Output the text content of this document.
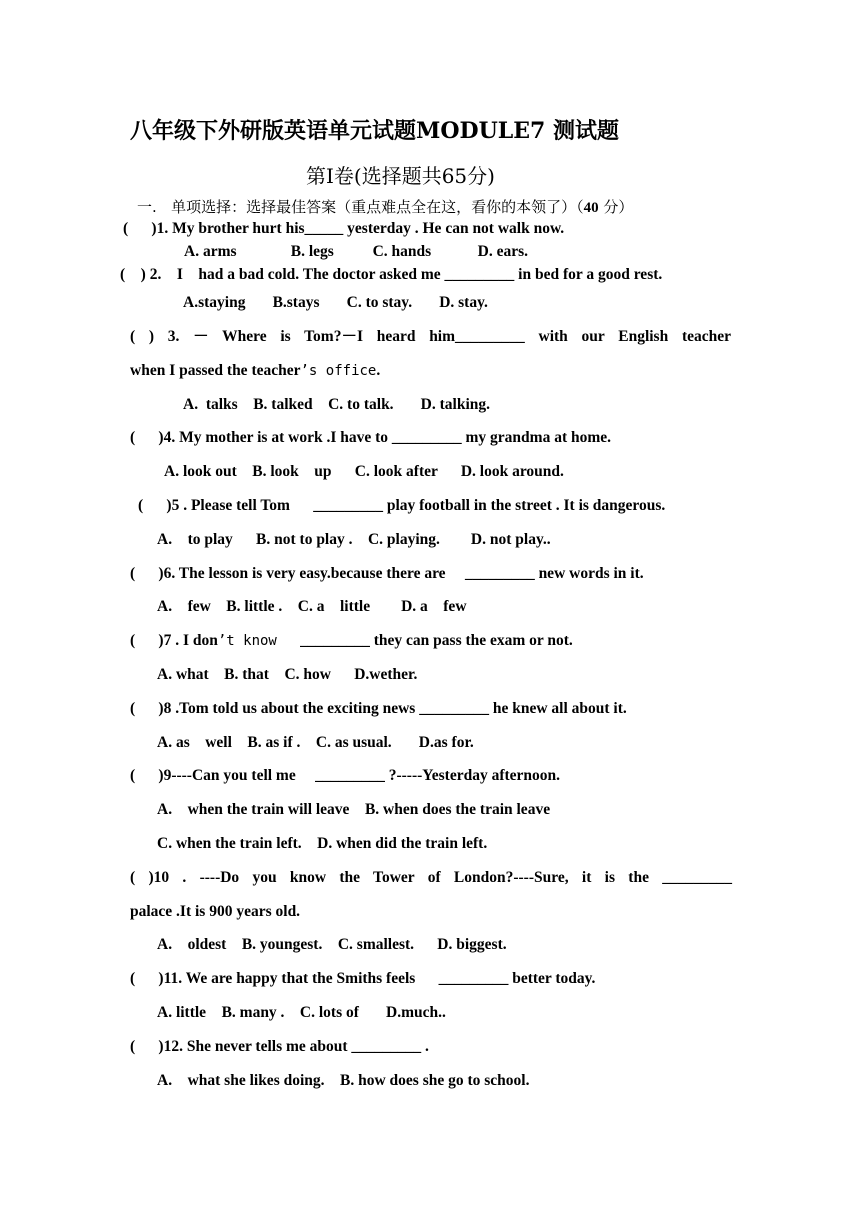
八年级下外研版英语单元试题MODULE7 测试题
第Ⅰ卷(选择题共65分)
一.   单项选择：选择最佳答案（重点难点全在这，看你的本领了）（40 分）
(      )1. My brother hurt his_____ yesterday . He can not walk now.
A. arms              B. legs          C. hands            D. ears.
(    ) 2.    I    had a bad cold. The doctor asked me _________ in bed for a good rest.
A.staying       B.stays       C. to stay.       D. stay.
( ) 3. － Where is Tom?－I heard him_________ with our English teacher
when I passed the teacher’s office.
A.  talks    B. talked    C. to talk.       D. talking.
(      )4. My mother is at work .I have to _________ my grandma at home.
A. look out    B. look    up      C. look after      D. look around.
(      )5 . Please tell Tom      _________ play football in the street . It is dangerous.
A.    to play      B. not to play .    C. playing.        D. not play..
(      )6. The lesson is very easy.because there are     _________ new words in it.
A.    few    B. little .    C. a    little        D. a    few
(      )7 . I don’t know      _________ they can pass the exam or not.
A. what    B. that    C. how      D.wether.
(      )8 .Tom told us about the exciting news _________ he knew all about it.
A. as    well    B. as if .    C. as usual.       D.as for.
(      )9----Can you tell me     _________ ?-----Yesterday afternoon.
A.    when the train will leave    B. when does the train leave
C. when the train left.    D. when did the train left.
( )10 . ----Do you know the Tower of London?----Sure, it is the _________
palace .It is 900 years old.
A.    oldest    B. youngest.    C. smallest.      D. biggest.
(      )11. We are happy that the Smiths feels      _________ better today.
A. little    B. many .    C. lots of       D.much..
(      )12. She never tells me about _________ .
A.    what she likes doing.    B. how does she go to school.
